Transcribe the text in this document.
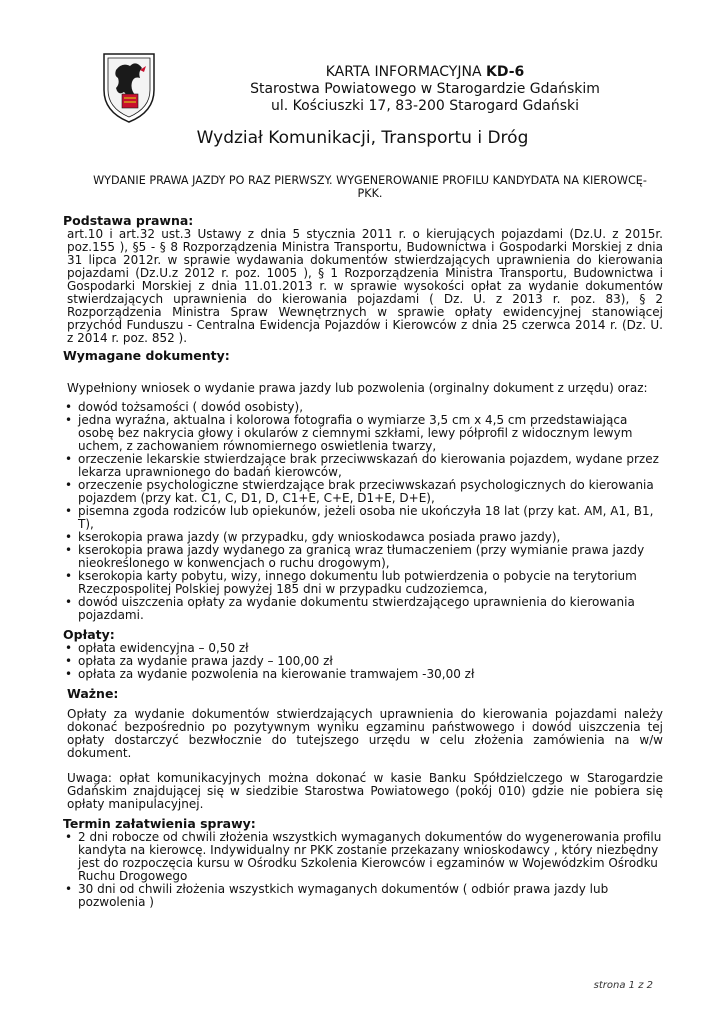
KARTA INFORMACYJNA KD-6
Starostwa Powiatowego w Starogardzie Gdańskim
ul. Kościuszki 17, 83-200 Starogard Gdański
Wydział Komunikacji, Transportu i Dróg
WYDANIE PRAWA JAZDY PO RAZ PIERWSZY. WYGENEROWANIE PROFILU KANDYDATA NA KIEROWCĘ- PKK.
Podstawa prawna:
art.10 i art.32 ust.3 Ustawy z dnia 5 stycznia 2011 r. o kierujących pojazdami (Dz.U. z 2015r. poz.155 ), §5 - § 8 Rozporządzenia Ministra Transportu, Budownictwa i Gospodarki Morskiej z dnia 31 lipca 2012r. w sprawie wydawania dokumentów stwierdzających uprawnienia do kierowania pojazdami (Dz.U.z 2012 r. poz. 1005 ), § 1 Rozporządzenia Ministra Transportu, Budownictwa i Gospodarki Morskiej z dnia 11.01.2013 r. w sprawie wysokości opłat za wydanie dokumentów stwierdzających uprawnienia do kierowania pojazdami ( Dz. U. z 2013 r. poz. 83), § 2 Rozporządzenia Ministra Spraw Wewnętrznych w sprawie opłaty ewidencyjnej stanowiącej przychód Funduszu - Centralna Ewidencja Pojazdów i Kierowców z dnia 25 czerwca 2014 r. (Dz. U. z 2014 r. poz. 852 ).
Wymagane dokumenty:
Wypełniony wniosek o wydanie prawa jazdy lub pozwolenia (orginalny dokument z urzędu) oraz:
• dowód tożsamości ( dowód osobisty),
• jedna wyraźna, aktualna i kolorowa fotografia o wymiarze 3,5 cm x 4,5 cm przedstawiająca osobę bez nakrycia głowy i okularów z ciemnymi szkłami, lewy półprofil z widocznym lewym uchem, z zachowaniem równomiernego oswietlenia twarzy,
• orzeczenie lekarskie stwierdzające brak przeciwwskazań do kierowania pojazdem, wydane przez lekarza uprawnionego do badań kierowców,
• orzeczenie psychologiczne stwierdzające brak przeciwwskazań psychologicznych do kierowania pojazdem (przy kat. C1, C, D1, D, C1+E, C+E, D1+E, D+E),
• pisemna zgoda rodziców lub opiekunów, jeżeli osoba nie ukończyła 18 lat (przy kat. AM, A1, B1, T),
• kserokopia prawa jazdy (w przypadku, gdy wnioskodawca posiada prawo jazdy),
• kserokopia prawa jazdy wydanego za granicą wraz tłumaczeniem (przy wymianie prawa jazdy nieokreślonego w konwencjach o ruchu drogowym),
• kserokopia karty pobytu, wizy, innego dokumentu lub potwierdzenia o pobycie na terytorium Rzeczpospolitej Polskiej powyżej 185 dni w przypadku cudzoziemca,
• dowód uiszczenia opłaty za wydanie dokumentu stwierdzającego uprawnienia do kierowania pojazdami.
Opłaty:
• opłata ewidencyjna – 0,50 zł
• opłata za wydanie prawa jazdy – 100,00 zł
• opłata za wydanie pozwolenia na kierowanie tramwajem -30,00 zł
Ważne:
Opłaty za wydanie dokumentów stwierdzających uprawnienia do kierowania pojazdami należy dokonać bezpośrednio po pozytywnym wyniku egzaminu państwowego i dowód uiszczenia tej opłaty dostarczyć bezwłocznie do tutejszego urzędu w celu złożenia zamówienia na w/w dokument.
Uwaga: opłat komunikacyjnych można dokonać w kasie Banku Spółdzielczego w Starogardzie Gdańskim znajdującej się w siedzibie Starostwa Powiatowego (pokój 010) gdzie nie pobiera się opłaty manipulacyjnej.
Termin załatwienia sprawy:
• 2 dni robocze od chwili złożenia wszystkich wymaganych dokumentów do wygenerowania profilu kandyta na kierowcę. Indywidualny nr PKK zostanie przekazany wnioskodawcy , który niezbędny jest do rozpoczęcia kursu w Ośrodku Szkolenia Kierowców i egzaminów w Wojewódzkim Ośrodku Ruchu Drogowego
• 30 dni od chwili złożenia wszystkich wymaganych dokumentów ( odbiór prawa jazdy lub pozwolenia )
strona 1 z 2
